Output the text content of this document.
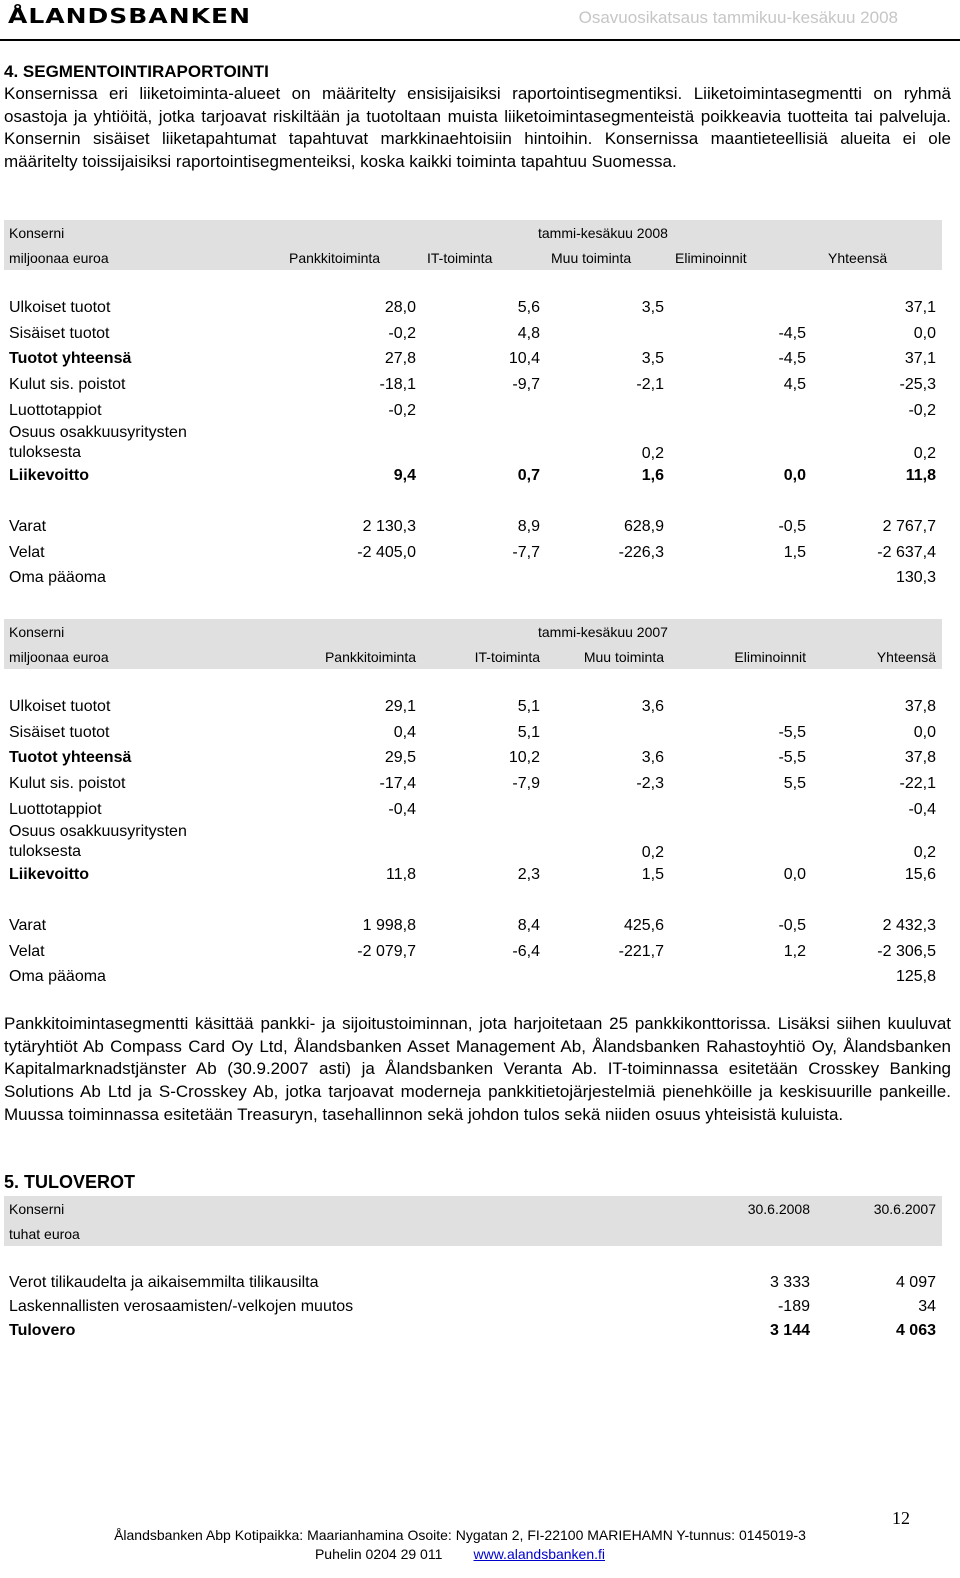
ÅLANDSBANKEN	Osavuosikatsaus tammikuu-kesäkuu 2008
4. SEGMENTOINTIRAPORTOINTI
Konsernissa eri liiketoiminta-alueet on määritelty ensisijaisiksi raportointisegmentiksi. Liiketoimintasegmentti on ryhmä osastoja ja yhtiöitä, jotka tarjoavat riskiltään ja tuotoltaan muista liiketoimintasegmenteistä poikkeavia tuotteita tai palveluja. Konsernin sisäiset liiketapahtumat tapahtuvat markkinaehtoisiin hintoihin. Konsernissa maantieteellisiä alueita ei ole määritelty toissijaisiksi raportointisegmenteiksi, koska kaikki toiminta tapahtuu Suomessa.
Konserni			tammi-kesäkuu 2008		
miljoonaa euroa	Pankkitoiminta	IT-toiminta	Muu toiminta	Eliminoinnit	Yhteensä

Ulkoiset tuotot	28,0	5,6	3,5		37,1
Sisäiset tuotot	-0,2	4,8		-4,5	0,0
Tuotot yhteensä	27,8	10,4	3,5	-4,5	37,1
Kulut sis. poistot	-18,1	-9,7	-2,1	4,5	-25,3
Luottotappiot	-0,2				-0,2
Osuus osakkuusyritysten
tuloksesta			0,2		0,2
Liikevoitto	9,4	0,7	1,6	0,0	11,8

Varat	2 130,3	8,9	628,9	-0,5	2 767,7
Velat	-2 405,0	-7,7	-226,3	1,5	-2 637,4
Oma pääoma					130,3
Konserni			tammi-kesäkuu 2007		
miljoonaa euroa	Pankkitoiminta	IT-toiminta	Muu toiminta	Eliminoinnit	Yhteensä

Ulkoiset tuotot	29,1	5,1	3,6		37,8
Sisäiset tuotot	0,4	5,1		-5,5	0,0
Tuotot yhteensä	29,5	10,2	3,6	-5,5	37,8
Kulut sis. poistot	-17,4	-7,9	-2,3	5,5	-22,1
Luottotappiot	-0,4				-0,4
Osuus osakkuusyritysten
tuloksesta			0,2		0,2
Liikevoitto	11,8	2,3	1,5	0,0	15,6

Varat	1 998,8	8,4	425,6	-0,5	2 432,3
Velat	-2 079,7	-6,4	-221,7	1,2	-2 306,5
Oma pääoma					125,8
Pankkitoimintasegmentti käsittää pankki- ja sijoitustoiminnan, jota harjoitetaan 25 pankkikonttorissa. Lisäksi siihen kuuluvat tytäryhtiöt Ab Compass Card Oy Ltd, Ålandsbanken Asset Management Ab, Ålandsbanken Rahastoyhtiö Oy, Ålandsbanken Kapitalmarknadstjänster Ab (30.9.2007 asti) ja Ålandsbanken Veranta Ab. IT-toiminnassa esitetään Crosskey Banking Solutions Ab Ltd ja S-Crosskey Ab, jotka tarjoavat moderneja pankkitietojärjestelmiä pienehköille ja keskisuurille pankeille. Muussa toiminnassa esitetään Treasuryn, tasehallinnon sekä johdon tulos sekä niiden osuus yhteisistä kuluista.
5. TULOVEROT
Konserni	30.6.2008	30.6.2007
tuhat euroa		

Verot tilikaudelta ja aikaisemmilta tilikausilta	3 333	4 097
Laskennallisten verosaamisten/-velkojen muutos	-189	34
Tulovero	3 144	4 063
12
Ålandsbanken Abp Kotipaikka: Maarianhamina Osoite: Nygatan 2, FI-22100 MARIEHAMN Y-tunnus: 0145019-3
Puhelin 0204 29 011 www.alandsbanken.fi
